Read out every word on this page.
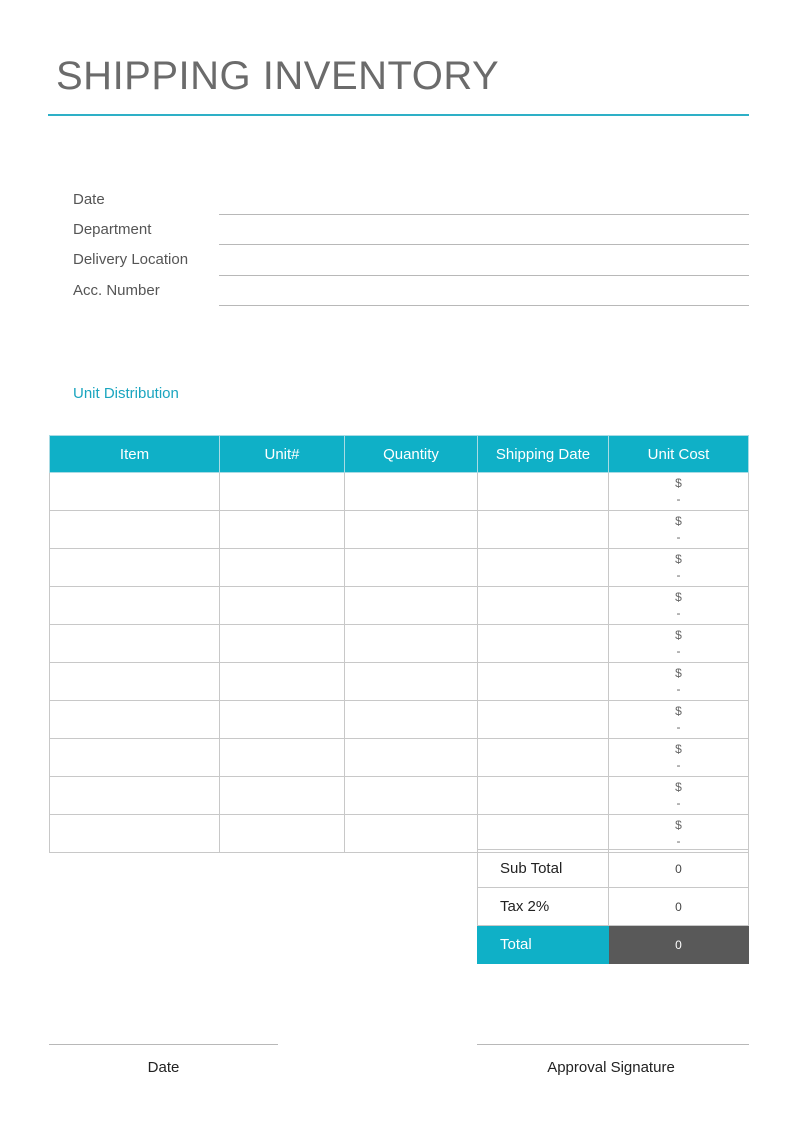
SHIPPING INVENTORY
Date
Department
Delivery Location
Acc. Number
Unit Distribution
Item	Unit#	Quantity	Shipping Date	Unit Cost

				$
-

				$
-

				$
-

				$
-

				$
-

				$
-

				$
-

				$
-

				$
-

				$
-
Sub Total	0
Tax 2%	0
Total	0
Date	Approval Signature
